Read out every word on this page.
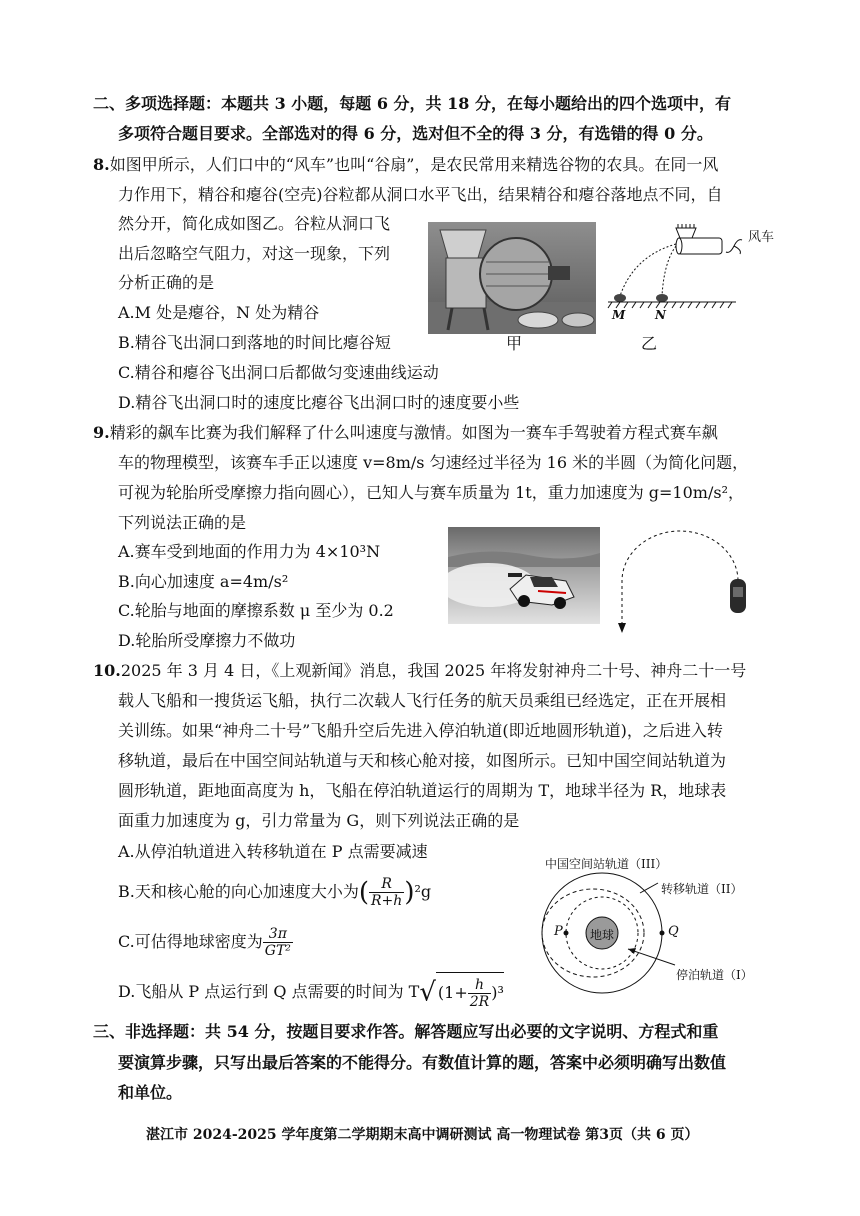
二、多项选择题：本题共 3 小题，每题 6 分，共 18 分，在每小题给出的四个选项中，有
多项符合题目要求。全部选对的得 6 分，选对但不全的得 3 分，有选错的得 0 分。
8.如图甲所示，人们口中的“风车”也叫“谷扇”，是农民常用来精选谷物的农具。在同一风
力作用下，精谷和瘪谷(空壳)谷粒都从洞口水平飞出，结果精谷和瘪谷落地点不同，自
然分开，简化成如图乙。谷粒从洞口飞
出后忽略空气阻力，对这一现象，下列
分析正确的是
A.M 处是瘪谷，N 处为精谷
B.精谷飞出洞口到落地的时间比瘪谷短
C.精谷和瘪谷飞出洞口后都做匀变速曲线运动
D.精谷飞出洞口时的速度比瘪谷飞出洞口时的速度要小些
甲
风车
M N
乙
9.精彩的飙车比赛为我们解释了什么叫速度与激情。如图为一赛车手驾驶着方程式赛车飙
车的物理模型，该赛车手正以速度 v=8m/s 匀速经过半径为 16 米的半圆（为简化问题，
可视为轮胎所受摩擦力指向圆心），已知人与赛车质量为 1t，重力加速度为 g=10m/s²，
下列说法正确的是
A.赛车受到地面的作用力为 4×10³N
B.向心加速度 a=4m/s²
C.轮胎与地面的摩擦系数 μ 至少为 0.2
D.轮胎所受摩擦力不做功
10.2025 年 3 月 4 日，《上观新闻》消息，我国 2025 年将发射神舟二十号、神舟二十一号
载人飞船和一搜货运飞船，执行二次载人飞行任务的航天员乘组已经选定，正在开展相
关训练。如果“神舟二十号”飞船升空后先进入停泊轨道(即近地圆形轨道)，之后进入转
移轨道，最后在中国空间站轨道与天和核心舱对接，如图所示。已知中国空间站轨道为
圆形轨道，距地面高度为 h，飞船在停泊轨道运行的周期为 T，地球半径为 R，地球表
面重力加速度为 g，引力常量为 G，则下列说法正确的是
A.从停泊轨道进入转移轨道在 P 点需要减速
B.天和核心舱的向心加速度大小为( $\frac{R}{R+h} )^2g$
C.可估得地球密度为 $\frac{3\pi}{\text{GT²}}$
D.飞船从 P 点运行到 Q 点需要的时间为 T√ $(1+ \frac{h}{2R} )^3$
中国空间站轨道（III）
转移轨道（II）
停泊轨道（I）
地球
P	Q
三、非选择题：共 54 分，按题目要求作答。解答题应写出必要的文字说明、方程式和重
要演算步骤，只写出最后答案的不能得分。有数值计算的题，答案中必须明确写出数值
和单位。
湛江市 2024-2025 学年度第二学期期末高中调研测试 高一物理试卷 第3页（共 6 页）
